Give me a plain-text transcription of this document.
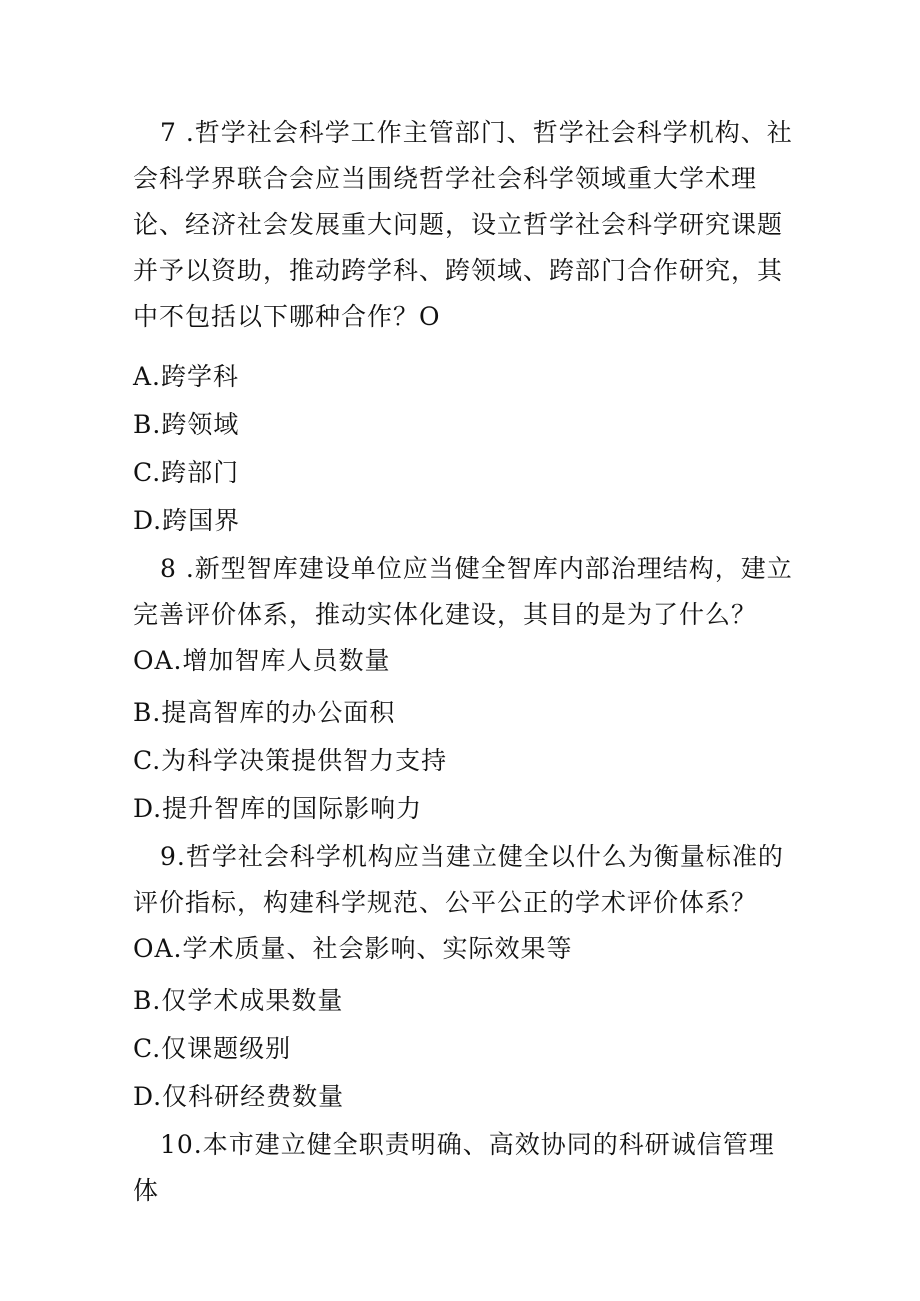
7 .哲学社会科学工作主管部门、哲学社会科学机构、社会科学界联合会应当围绕哲学社会科学领域重大学术理论、经济社会发展重大问题，设立哲学社会科学研究课题并予以资助，推动跨学科、跨领域、跨部门合作研究，其中不包括以下哪种合作？O

A.跨学科

B.跨领域

C.跨部门

D.跨国界

8 .新型智库建设单位应当健全智库内部治理结构，建立完善评价体系，推动实体化建设，其目的是为了什么？OA.增加智库人员数量

B.提高智库的办公面积

C.为科学决策提供智力支持

D.提升智库的国际影响力

9.哲学社会科学机构应当建立健全以什么为衡量标准的评价指标，构建科学规范、公平公正的学术评价体系？OA.学术质量、社会影响、实际效果等

B.仅学术成果数量

C.仅课题级别

D.仅科研经费数量

10.本市建立健全职责明确、高效协同的科研诚信管理体
